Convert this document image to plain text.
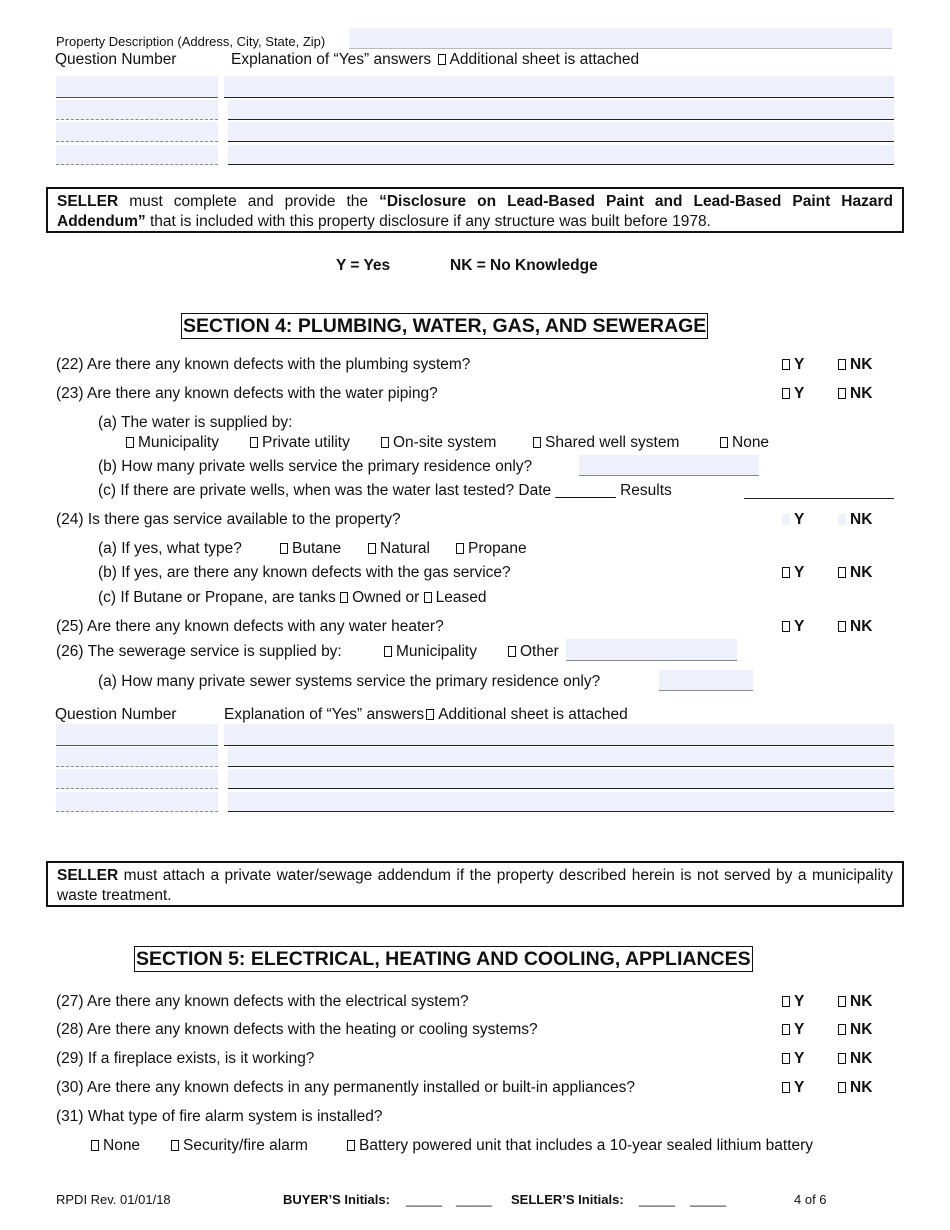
Property Description (Address, City, State, Zip)
Question Number	Explanation of “Yes” answers Additional sheet is attached
SELLER must complete and provide the “Disclosure on Lead-Based Paint and Lead-Based Paint Hazard Addendum” that is included with this property disclosure if any structure was built before 1978.
Y = Yes	NK = No Knowledge
SECTION 4: PLUMBING, WATER, GAS, AND SEWERAGE
(22) Are there any known defects with the plumbing system?	Y	NK
(23) Are there any known defects with the water piping?	Y	NK
(a) The water is supplied by:
Municipality	Private utility	On-site system	Shared well system	None
(b) How many private wells service the primary residence only?
(c) If there are private wells, when was the water last tested? Date _______ Results
(24) Is there gas service available to the property?	Y	NK
(a) If yes, what type?	Butane	Natural	Propane
(b) If yes, are there any known defects with the gas service?	Y	NK
(c) If Butane or Propane, are tanks Owned or Leased
(25) Are there any known defects with any water heater?	Y	NK
(26) The sewerage service is supplied by:	Municipality	Other
(a) How many private sewer systems service the primary residence only?
Question Number	Explanation of “Yes” answers Additional sheet is attached
SELLER must attach a private water/sewage addendum if the property described herein is not served by a municipality waste treatment.
SECTION 5: ELECTRICAL, HEATING AND COOLING, APPLIANCES
(27) Are there any known defects with the electrical system?	Y	NK
(28) Are there any known defects with the heating or cooling systems?	Y	NK
(29) If a fireplace exists, is it working?	Y	NK
(30) Are there any known defects in any permanently installed or built-in appliances?	Y	NK
(31) What type of fire alarm system is installed?
None	Security/fire alarm	Battery powered unit that includes a 10-year sealed lithium battery
RPDI Rev. 01/01/18	BUYER’S Initials: _____ _____ SELLER’S Initials: _____ _____	4 of 6
